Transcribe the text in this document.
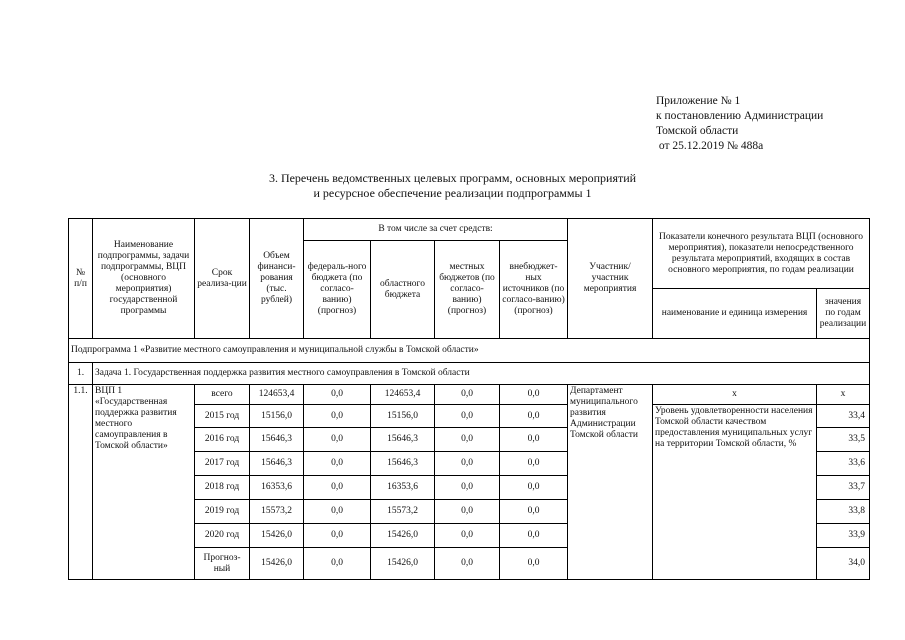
Приложение № 1
к постановлению Администрации
Томской области
от 25.12.2019 № 488а
3. Перечень ведомственных целевых программ, основных мероприятий
и ресурсное обеспечение реализации подпрограммы 1
№ п/п	Наименование подпрограммы, задачи подпрограммы, ВЦП (основного мероприятия) государственной программы	Срок реализа-ции	Объем финанси-рования (тыс. рублей)	В том числе за счет средств:				Участник/ участник мероприятия	Показатели конечного результата ВЦП (основного мероприятия), показатели непосредственного результата мероприятий, входящих в состав основного мероприятия, по годам реализации	
				федераль-ного бюджета (по согласо-ванию) (прогноз)	областного бюджета	местных бюджетов (по согласо-ванию) (прогноз)	внебюджет-ных источников (по согласо-ванию) (прогноз)			
									наименование и единица измерения	значения по годам реализации
Подпрограмма 1 «Развитие местного самоуправления и муниципальной службы в Томской области»										
1.	Задача 1. Государственная поддержка развития местного самоуправления в Томской области									
1.1.	ВЦП 1 «Государственная поддержка развития местного самоуправления в Томской области»	всего	124653,4	0,0	124653,4	0,0	0,0	Департамент муниципального развития Администрации Томской области	х	х
		2015 год	15156,0	0,0	15156,0	0,0	0,0		Уровень удовлетворенности населения Томской области качеством предоставления муниципальных услуг на территории Томской области, %	33,4
		2016 год	15646,3	0,0	15646,3	0,0	0,0			33,5
		2017 год	15646,3	0,0	15646,3	0,0	0,0			33,6
		2018 год	16353,6	0,0	16353,6	0,0	0,0			33,7
		2019 год	15573,2	0,0	15573,2	0,0	0,0			33,8
		2020 год	15426,0	0,0	15426,0	0,0	0,0			33,9
		Прогноз-ный	15426,0	0,0	15426,0	0,0	0,0			34,0
